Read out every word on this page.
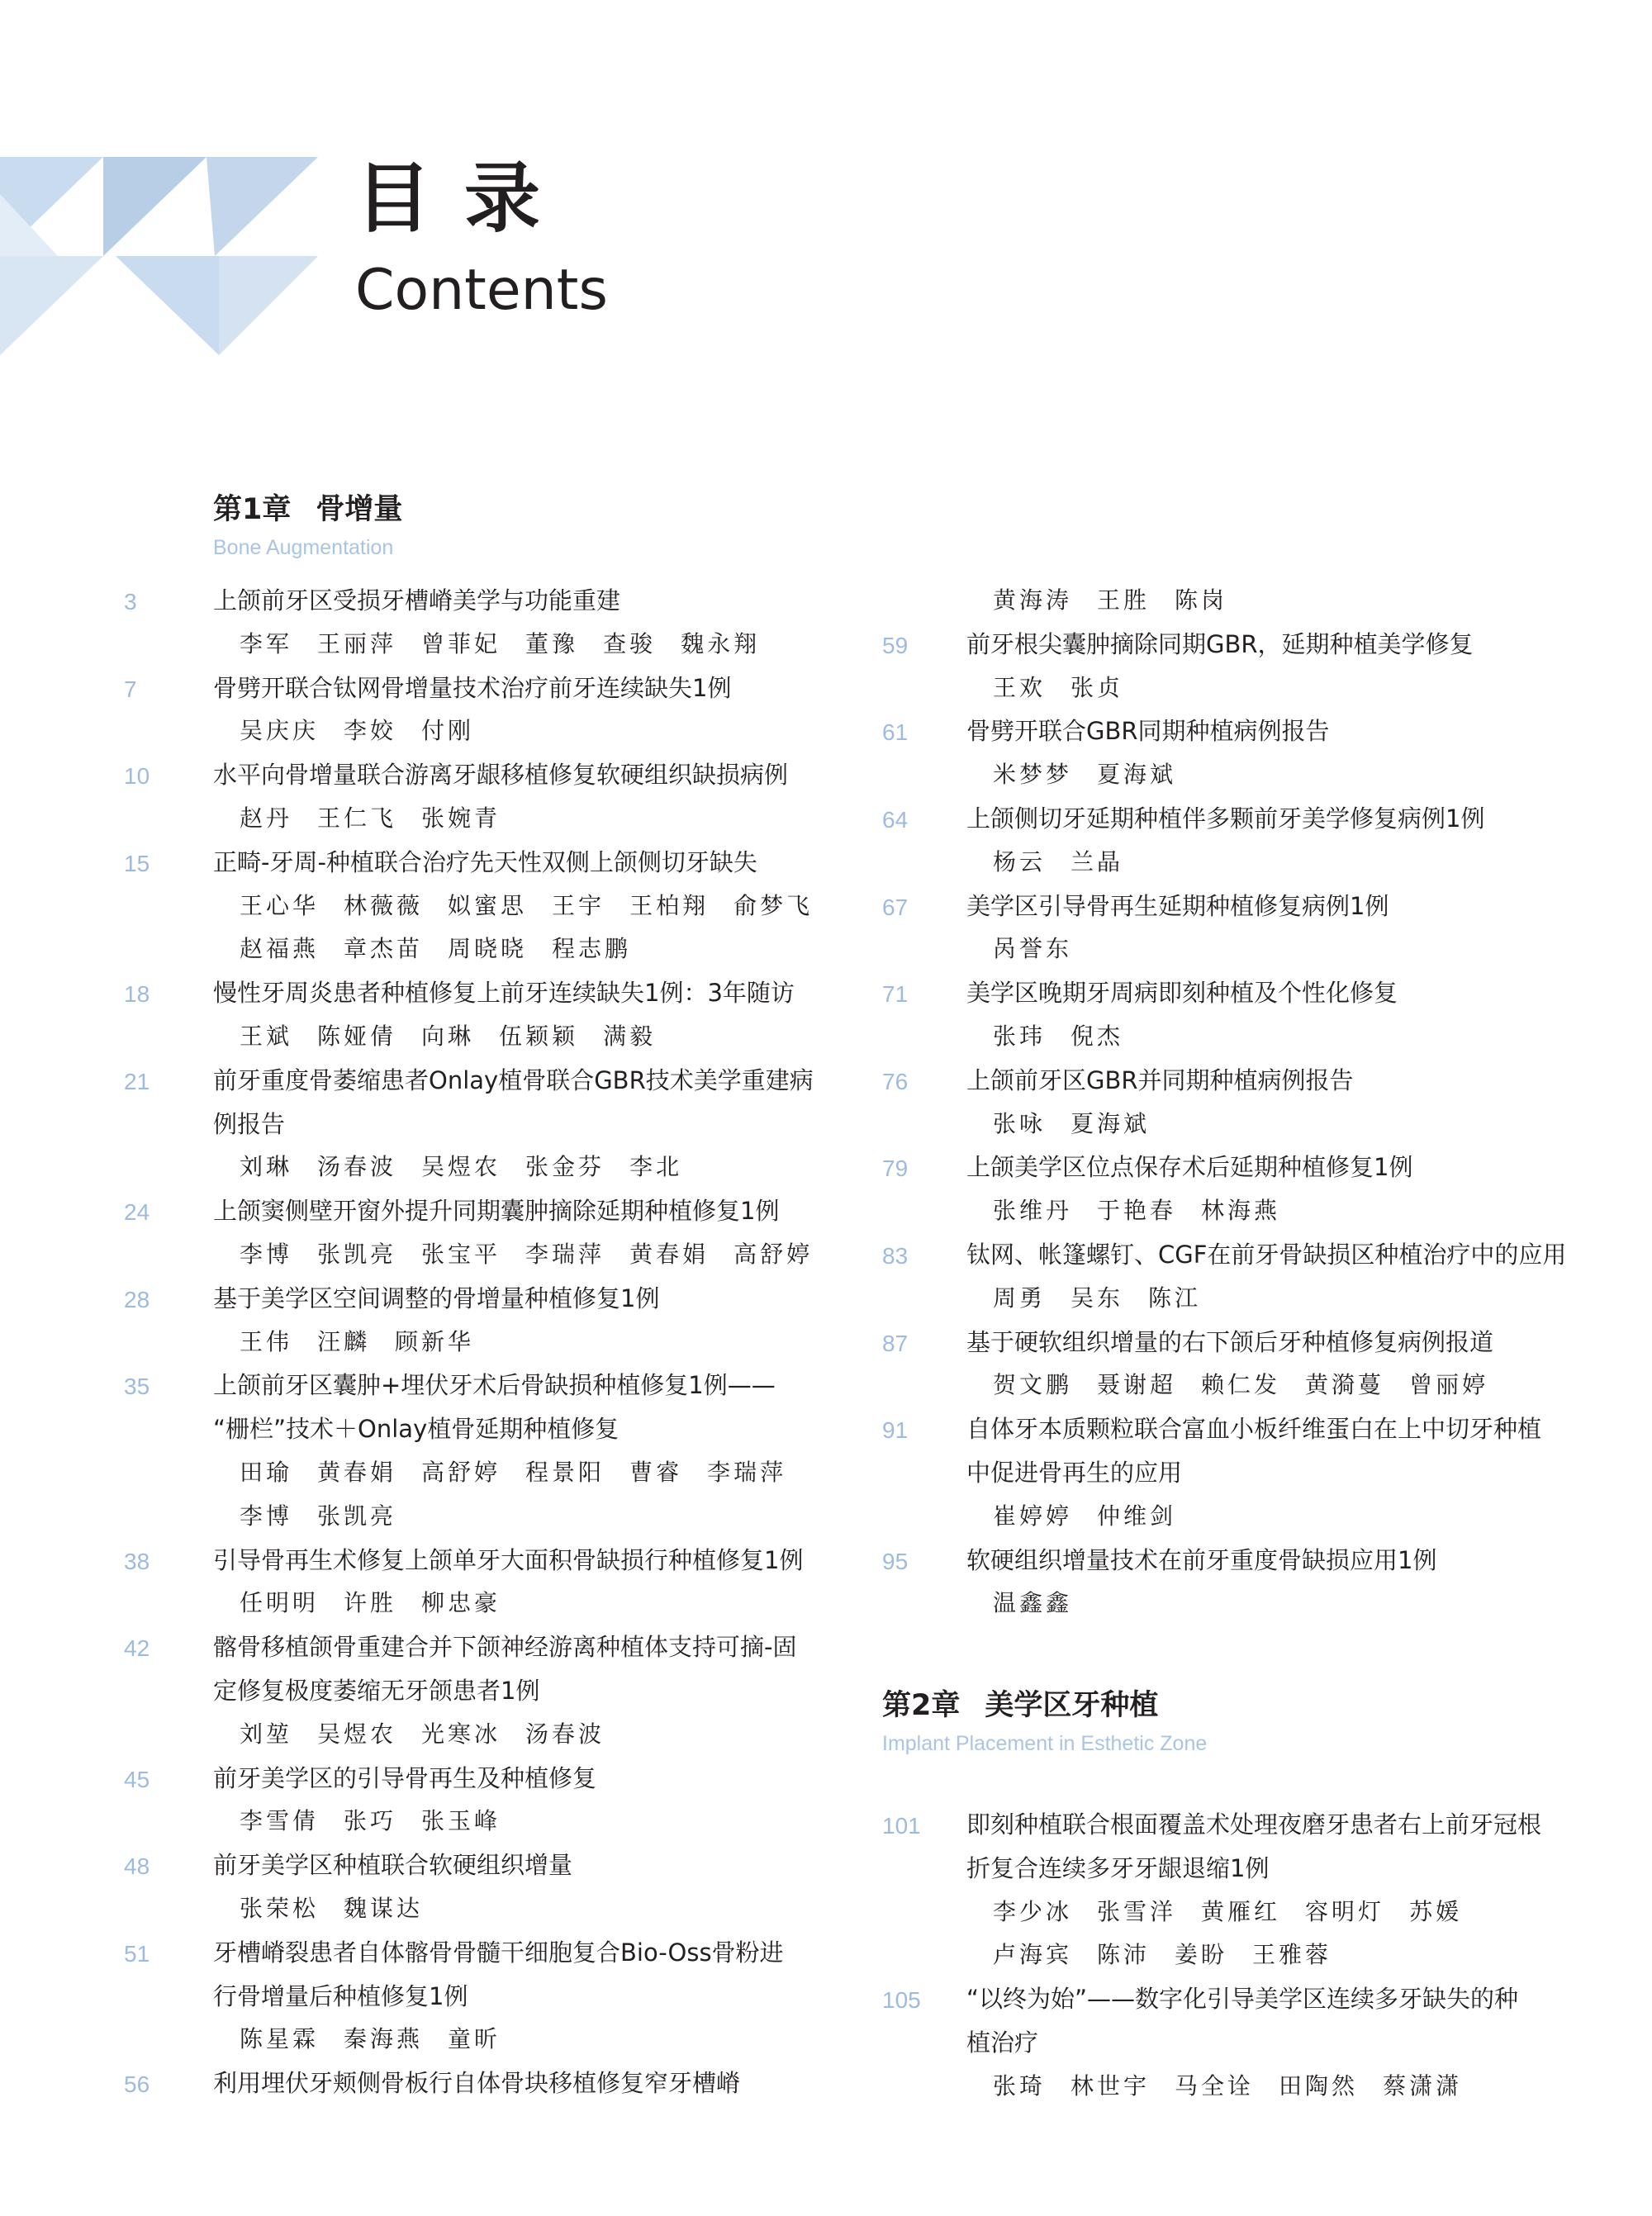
目录
Contents
第1章 骨增量
Bone Augmentation
第2章 美学区牙种植
Implant Placement in Esthetic Zone
3	上颌前牙区受损牙槽嵴美学与功能重建
李军 王丽萍 曾菲妃 董豫 查骏 魏永翔
7	骨劈开联合钛网骨增量技术治疗前牙连续缺失1例
吴庆庆 李姣 付刚
10	水平向骨增量联合游离牙龈移植修复软硬组织缺损病例
赵丹 王仁飞 张婉青
15	正畸-牙周-种植联合治疗先天性双侧上颌侧切牙缺失
王心华 林薇薇 姒蜜思 王宇 王柏翔 俞梦飞
赵福燕 章杰苗 周晓晓 程志鹏
18	慢性牙周炎患者种植修复上前牙连续缺失1例：3年随访
王斌 陈娅倩 向琳 伍颖颖 满毅
21	前牙重度骨萎缩患者Onlay植骨联合GBR技术美学重建病
例报告
刘琳 汤春波 吴煜农 张金芬 李北
24	上颌窦侧壁开窗外提升同期囊肿摘除延期种植修复1例
李博 张凯亮 张宝平 李瑞萍 黄春娟 高舒婷
28	基于美学区空间调整的骨增量种植修复1例
王伟 汪麟 顾新华
35	上颌前牙区囊肿+埋伏牙术后骨缺损种植修复1例——
“栅栏”技术＋Onlay植骨延期种植修复
田瑜 黄春娟 高舒婷 程景阳 曹睿 李瑞萍
李博 张凯亮
38	引导骨再生术修复上颌单牙大面积骨缺损行种植修复1例
任明明 许胜 柳忠豪
42	髂骨移植颌骨重建合并下颌神经游离种植体支持可摘-固
定修复极度萎缩无牙颌患者1例
刘堃 吴煜农 光寒冰 汤春波
45	前牙美学区的引导骨再生及种植修复
李雪倩 张巧 张玉峰
48	前牙美学区种植联合软硬组织增量
张荣松 魏谋达
51	牙槽嵴裂患者自体髂骨骨髓干细胞复合Bio-Oss骨粉进
行骨增量后种植修复1例
陈星霖 秦海燕 童昕
56	利用埋伏牙颊侧骨板行自体骨块移植修复窄牙槽嵴
黄海涛 王胜 陈岗
59 前牙根尖囊肿摘除同期GBR，延期种植美学修复
王欢 张贞
61 骨劈开联合GBR同期种植病例报告
米梦梦 夏海斌
64 上颌侧切牙延期种植伴多颗前牙美学修复病例1例
杨云 兰晶
67 美学区引导骨再生延期种植修复病例1例
呙誉东
71 美学区晚期牙周病即刻种植及个性化修复
张玮 倪杰
76 上颌前牙区GBR并同期种植病例报告
张咏 夏海斌
79 上颌美学区位点保存术后延期种植修复1例
张维丹 于艳春 林海燕
83 钛网、帐篷螺钉、CGF在前牙骨缺损区种植治疗中的应用
周勇 吴东 陈江
87 基于硬软组织增量的右下颌后牙种植修复病例报道
贺文鹏 聂谢超 赖仁发 黄漪蔓 曾丽婷
91 自体牙本质颗粒联合富血小板纤维蛋白在上中切牙种植
中促进骨再生的应用
崔婷婷 仲维剑
95 软硬组织增量技术在前牙重度骨缺损应用1例
温鑫鑫
101 即刻种植联合根面覆盖术处理夜磨牙患者右上前牙冠根
折复合连续多牙牙龈退缩1例
李少冰 张雪洋 黄雁红 容明灯 苏媛
卢海宾 陈沛 姜盼 王雅蓉
105 “以终为始”——数字化引导美学区连续多牙缺失的种
植治疗
张琦 林世宇 马全诠 田陶然 蔡潇潇
